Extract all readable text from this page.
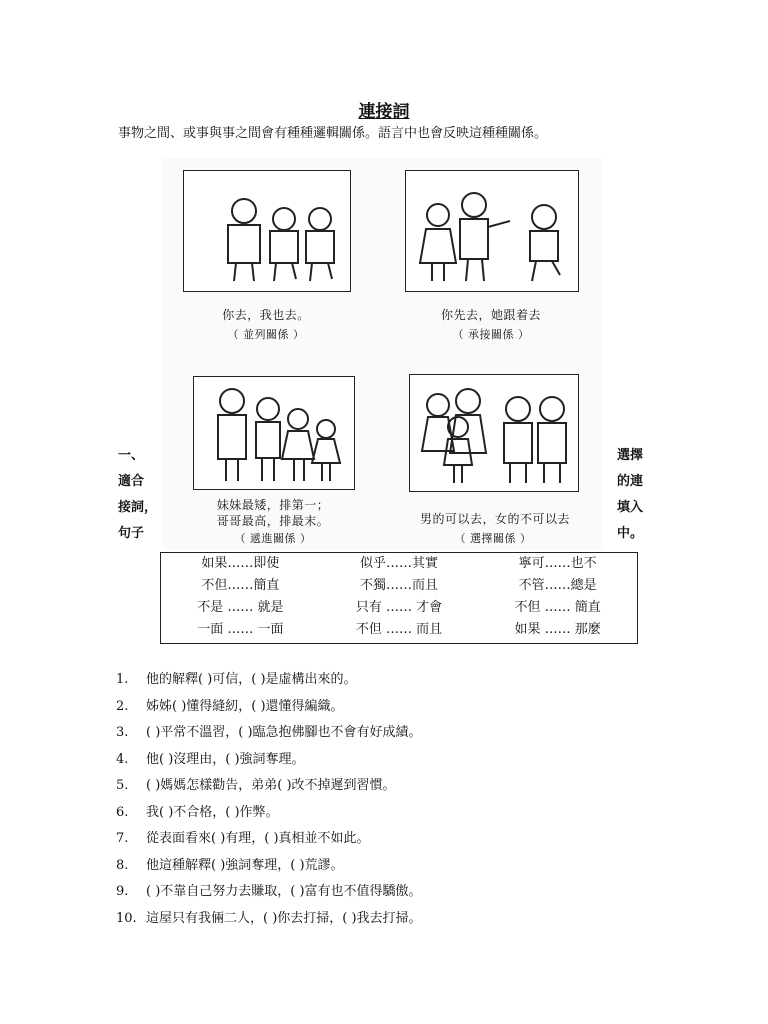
連接詞
事物之間、或事與事之間會有種種邏輯關係。語言中也會反映這種種關係。
你去，我也去。
（ 並列關係 ）
你先去，她跟着去
（ 承接關係 ）
妹妹最矮，排第一；
哥哥最高，排最末。
（ 遞進關係 ）
男的可以去，女的不可以去
（ 選擇關係 ）
一、
適合
接詞，
句子
選擇
的連
填入
中。
如果……即使	似乎……其實	寧可……也不
不但……簡直	不獨……而且	不管……總是
不是 …… 就是	只有 …… 才會	不但 …… 簡直
一面 …… 一面	不但 …… 而且	如果 …… 那麼
1. 他的解釋( )可信，( )是虛構出來的。
2. 姊姊( )懂得縫紉，( )還懂得編織。
3. ( )平常不溫習，( )臨急抱佛腳也不會有好成績。
4. 他( )沒理由，( )強詞奪理。
5. ( )媽媽怎樣勸告，弟弟( )改不掉遲到習慣。
6. 我( )不合格，( )作弊。
7. 從表面看來( )有理，( )真相並不如此。
8. 他這種解釋( )強詞奪理，( )荒謬。
9. ( )不靠自己努力去賺取，( )富有也不值得驕傲。
10. 這屋只有我倆二人，( )你去打掃，( )我去打掃。
